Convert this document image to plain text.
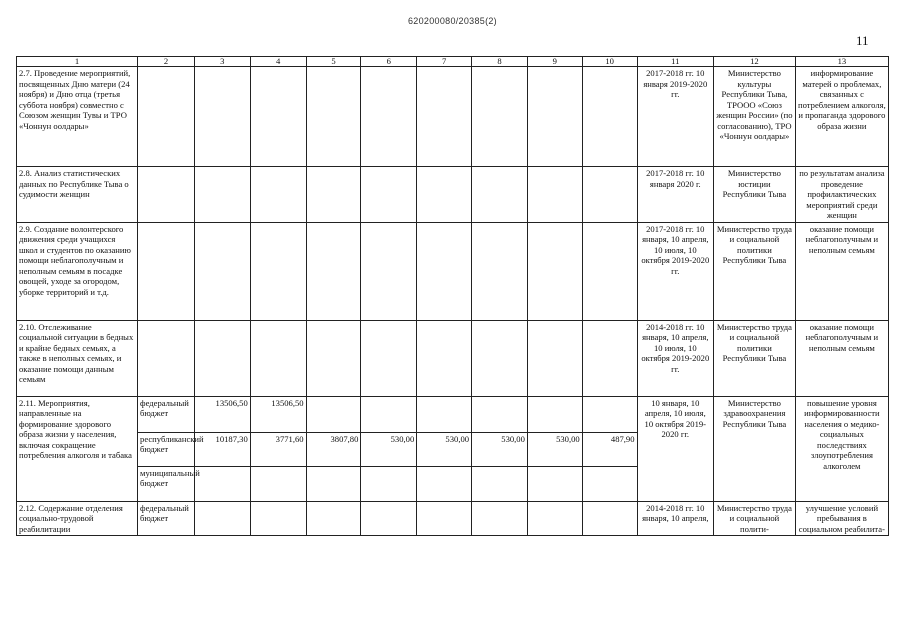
620200080/20385(2)
11
1	2	3	4	5	6	7	8	9	10	11	12	13
2.7. Проведение мероприятий, посвященных Дню матери (24 ноября) и Дню отца (третья суббота ноября) совместно с Союзом женщин Тувы и ТРО «Чоннун оолдары»										2017-2018 гг. 10 января 2019-2020 гг.	Министерство культуры Республики Тыва, ТРООО «Союз женщин России» (по согласованию), ТРО «Чоннун оолдары»	информирование матерей о проблемах, связанных с потреблением алкоголя, и пропаганда здорового образа жизни
2.8. Анализ статистических данных по Республике Тыва о судимости женщин										2017-2018 гг. 10 января 2020 г.	Министерство юстиции Республики Тыва	по результатам анализа проведение профилактических мероприятий среди женщин
2.9. Создание волонтерского движения среди учащихся школ и студентов по оказанию помощи неблагополучным и неполным семьям в посадке овощей, уходе за огородом, уборке территорий и т.д.										2017-2018 гг. 10 января, 10 апреля, 10 июля, 10 октября 2019-2020 гг.	Министерство труда и социальной политики Республики Тыва	оказание помощи неблагополучным и неполным семьям
2.10. Отслеживание социальной ситуации в бедных и крайне бедных семьях, а также в неполных семьях, и оказание помощи данным семьям										2014-2018 гг. 10 января, 10 апреля, 10 июля, 10 октября 2019-2020 гг.	Министерство труда и социальной политики Республики Тыва	оказание помощи неблагополучным и неполным семьям
2.11. Мероприятия, направленные на формирование здорового образа жизни у населения, включая сокращение потребления алкоголя и табака	федеральный бюджет	13506,50	13506,50							10 января, 10 апреля, 10 июля, 10 октября 2019-2020 гг.	Министерство здравоохранения Республики Тыва	повышение уровня информированности населения о медико-социальных последствиях злоупотребления алкоголем
	республиканский бюджет	10187,30	3771,60	3807,80	530,00	530,00	530,00	530,00	487,90			
	муниципальный бюджет											
2.12. Содержание отделения социально-трудовой реабилитации	федеральный бюджет									2014-2018 гг. 10 января, 10 апреля,	Министерство труда и социальной полити-	улучшение условий пребывания в социальном реабилита-
